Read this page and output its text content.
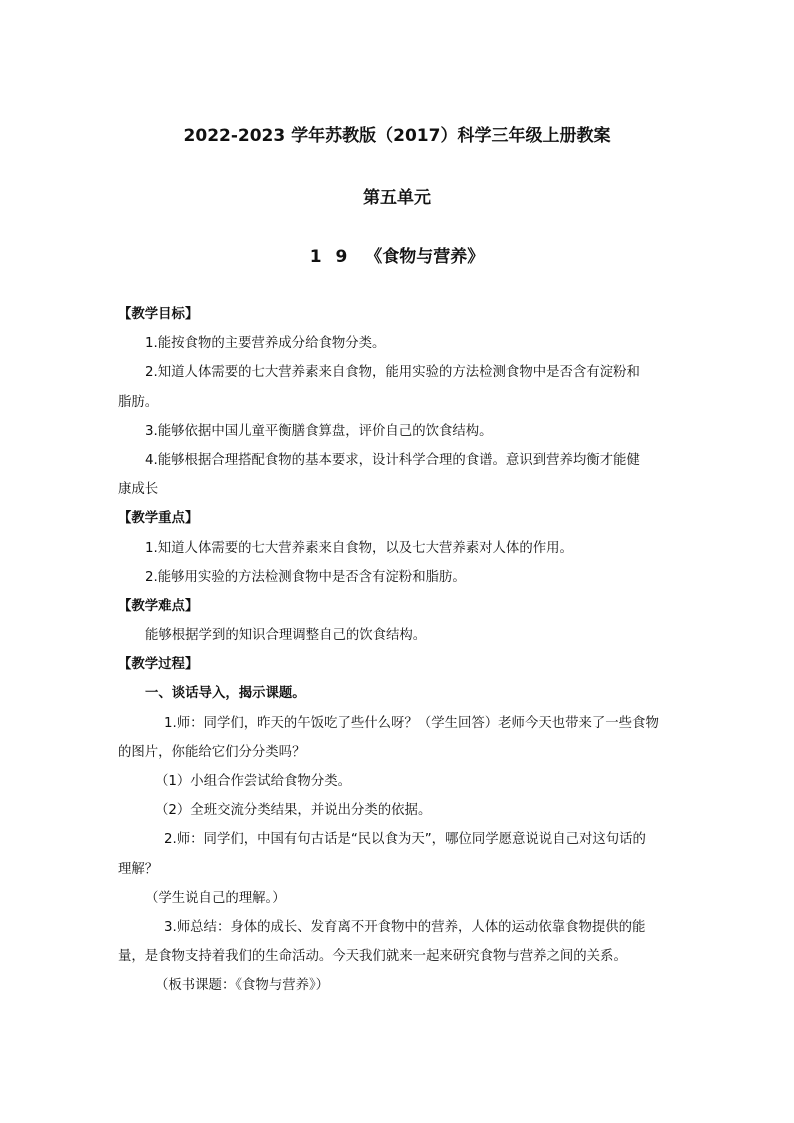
2022-2023 学年苏教版（2017）科学三年级上册教案
第五单元
1 9 《食物与营养》
【教学目标】
1.能按食物的主要营养成分给食物分类。
2.知道人体需要的七大营养素来自食物，能用实验的方法检测食物中是否含有淀粉和
脂肪。
3.能够依据中国儿童平衡膳食算盘，评价自己的饮食结构。
4.能够根据合理搭配食物的基本要求，设计科学合理的食谱。意识到营养均衡才能健
康成长
【教学重点】
1.知道人体需要的七大营养素来自食物，以及七大营养素对人体的作用。
2.能够用实验的方法检测食物中是否含有淀粉和脂肪。
【教学难点】
能够根据学到的知识合理调整自己的饮食结构。
【教学过程】
一、谈话导入，揭示课题。
1.师：同学们，昨天的午饭吃了些什么呀？（学生回答）老师今天也带来了一些食物
的图片，你能给它们分分类吗？
（1）小组合作尝试给食物分类。
（2）全班交流分类结果，并说出分类的依据。
2.师：同学们，中国有句古话是“民以食为天”，哪位同学愿意说说自己对这句话的
理解？
（学生说自己的理解。）
3.师总结：身体的成长、发育离不开食物中的营养，人体的运动依靠食物提供的能
量，是食物支持着我们的生命活动。今天我们就来一起来研究食物与营养之间的关系。
（板书课题：《食物与营养》）
